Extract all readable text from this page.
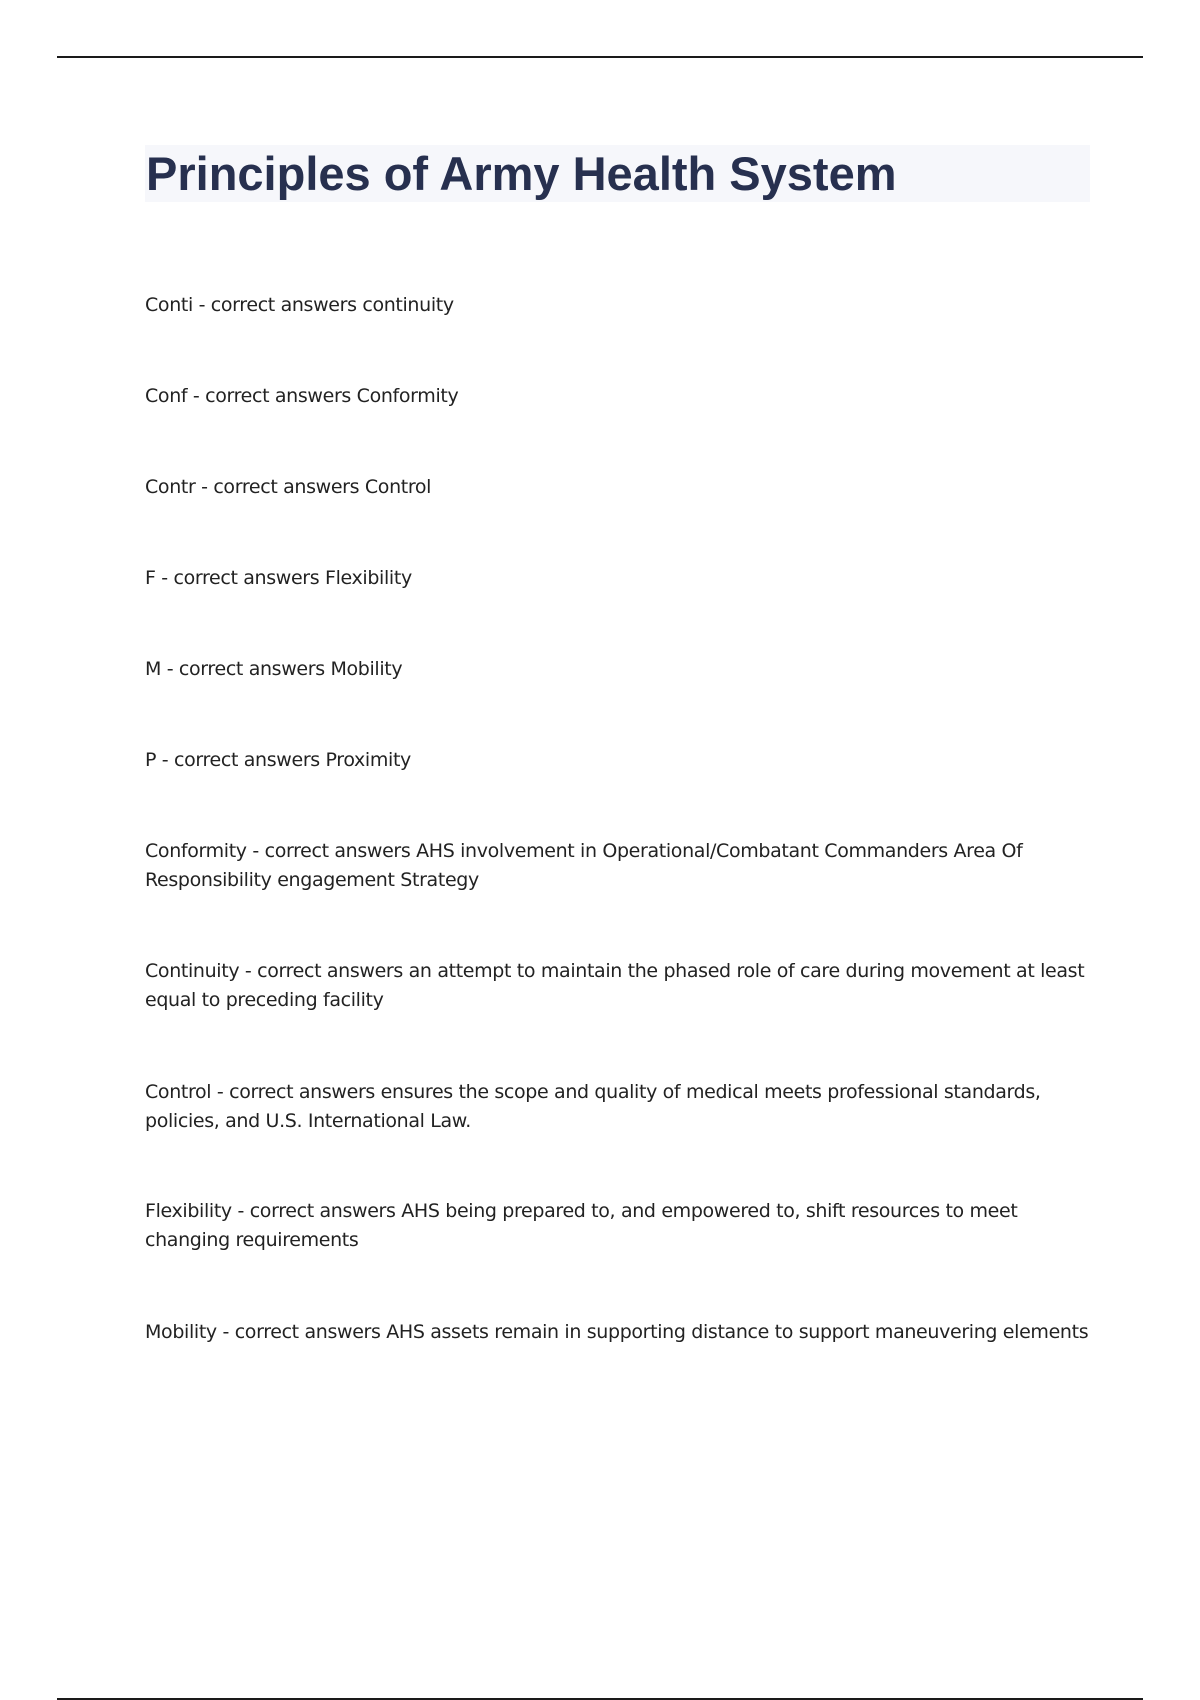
Principles of Army Health System
Conti - correct answers continuity
Conf - correct answers Conformity
Contr - correct answers Control
F - correct answers Flexibility
M - correct answers Mobility
P - correct answers Proximity
Conformity - correct answers AHS involvement in Operational/Combatant Commanders Area Of Responsibility engagement Strategy
Continuity - correct answers an attempt to maintain the phased role of care during movement at least equal to preceding facility
Control - correct answers ensures the scope and quality of medical meets professional standards, policies, and U.S. International Law.
Flexibility - correct answers AHS being prepared to, and empowered to, shift resources to meet changing requirements
Mobility - correct answers AHS assets remain in supporting distance to support maneuvering elements
